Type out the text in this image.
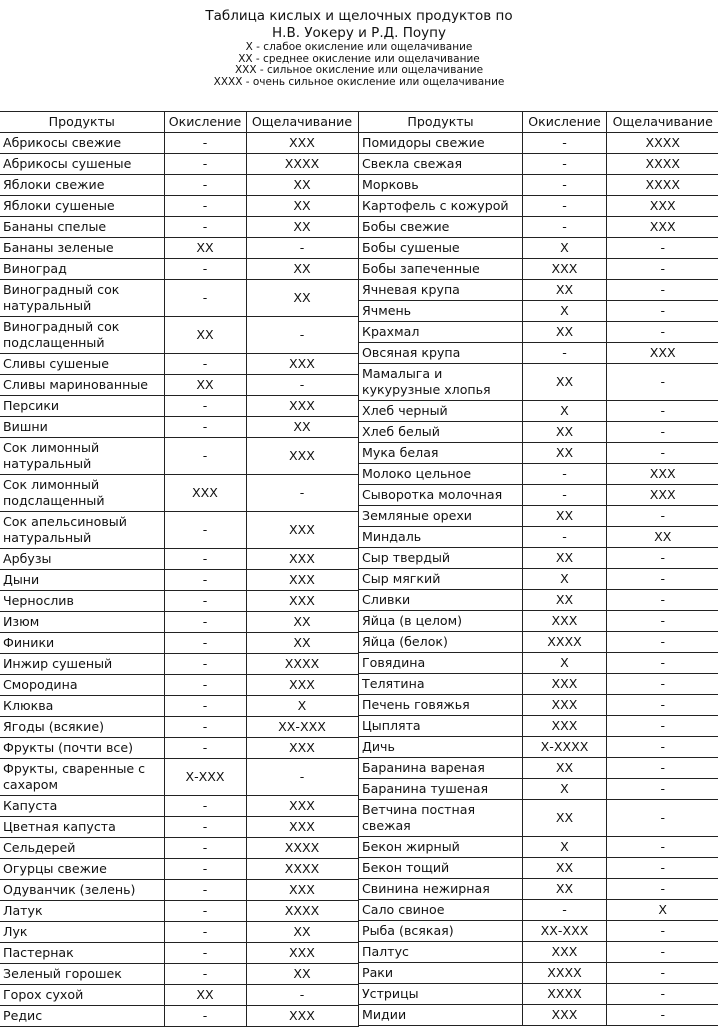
Таблица кислых и щелочных продуктов по
Н.В. Уокеру и Р.Д. Поупу
Х - слабое окисление или ощелачивание
ХХ - среднее окисление или ощелачивание
ХХХ - сильное окисление или ощелачивание
ХХХХ - очень сильное окисление или ощелачивание
Продукты	Окисление	Ощелачивание
Абрикосы свежие	-	ХХХ
Абрикосы сушеные	-	ХХХХ
Яблоки свежие	-	ХХ
Яблоки сушеные	-	ХХ
Бананы спелые	-	ХХ
Бананы зеленые	ХХ	-
Виноград	-	ХХ
Виноградный сок натуральный	-	ХХ
Виноградный сок подслащенный	ХХ	-
Сливы сушеные	-	ХХХ
Сливы маринованные	ХХ	-
Персики	-	ХХХ
Вишни	-	ХХ
Сок лимонный натуральный	-	ХХХ
Сок лимонный подслащенный	ХХХ	-
Сок апельсиновый натуральный	-	ХХХ
Арбузы	-	ХХХ
Дыни	-	ХХХ
Чернослив	-	ХХХ
Изюм	-	ХХ
Финики	-	ХХ
Инжир сушеный	-	ХХХХ
Смородина	-	ХХХ
Клюква	-	Х
Ягоды (всякие)	-	ХХ-ХХХ
Фрукты (почти все)	-	ХХХ
Фрукты, сваренные с сахаром	Х-ХХХ	-
Капуста	-	ХХХ
Цветная капуста	-	ХХХ
Сельдерей	-	ХХХХ
Огурцы свежие	-	ХХХХ
Одуванчик (зелень)	-	ХХХ
Латук	-	ХХХХ
Лук	-	ХХ
Пастернак	-	ХХХ
Зеленый горошек	-	ХХ
Горох сухой	ХХ	-
Редис	-	ХХХ
Продукты	Окисление	Ощелачивание
Помидоры свежие	-	ХХХХ
Свекла свежая	-	ХХХХ
Морковь	-	ХХХХ
Картофель с кожурой	-	ХХХ
Бобы свежие	-	ХХХ
Бобы сушеные	Х	-
Бобы запеченные	ХХХ	-
Ячневая крупа	ХХ	-
Ячмень	Х	-
Крахмал	ХХ	-
Овсяная крупа	-	ХХХ
Мамалыга и кукурузные хлопья	ХХ	-
Хлеб черный	Х	-
Хлеб белый	ХХ	-
Мука белая	ХХ	-
Молоко цельное	-	ХХХ
Сыворотка молочная	-	ХХХ
Земляные орехи	ХХ	-
Миндаль	-	ХХ
Сыр твердый	ХХ	-
Сыр мягкий	Х	-
Сливки	ХХ	-
Яйца (в целом)	ХХХ	-
Яйца (белок)	ХХХХ	-
Говядина	Х	-
Телятина	ХХХ	-
Печень говяжья	ХХХ	-
Цыплята	ХХХ	-
Дичь	Х-ХХХХ	-
Баранина вареная	ХХ	-
Баранина тушеная	Х	-
Ветчина постная свежая	ХХ	-
Бекон жирный	Х	-
Бекон тощий	ХХ	-
Свинина нежирная	ХХ	-
Сало свиное	-	Х
Рыба (всякая)	ХХ-ХХХ	-
Палтус	ХХХ	-
Раки	ХХХХ	-
Устрицы	ХХХХ	-
Мидии	ХХХ	-
